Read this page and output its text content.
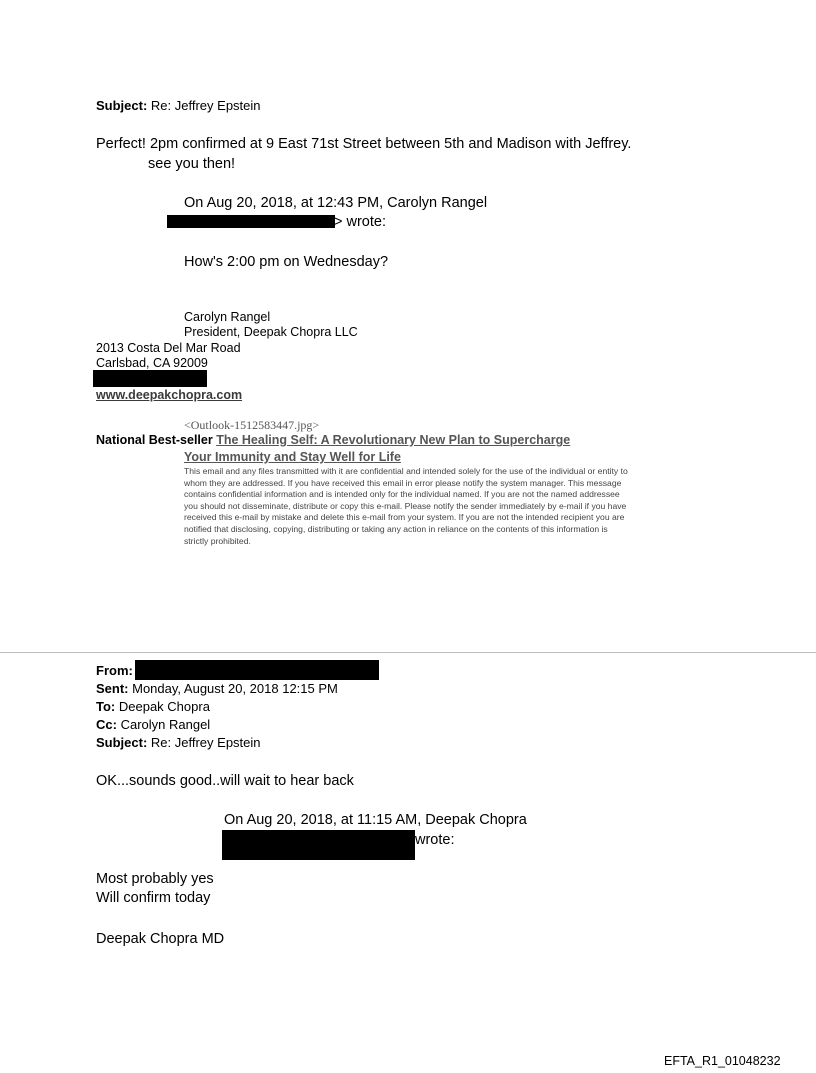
Subject: Re: Jeffrey Epstein
Perfect! 2pm confirmed at 9 East 71st Street between 5th and Madison with Jeffrey.
see you then!
On Aug 20, 2018, at 12:43 PM, Carolyn Rangel
> wrote:
How's 2:00 pm on Wednesday?
Carolyn Rangel
President, Deepak Chopra LLC
2013 Costa Del Mar Road
Carlsbad, CA 92009
www.deepakchopra.com
<Outlook-1512583447.jpg>
National Best-seller The Healing Self: A Revolutionary New Plan to Supercharge
Your Immunity and Stay Well for Life
This email and any files transmitted with it are confidential and intended solely for the use of the individual or entity to whom they are addressed. If you have received this email in error please notify the system manager. This message contains confidential information and is intended only for the individual named. If you are not the named addressee you should not disseminate, distribute or copy this e-mail. Please notify the sender immediately by e-mail if you have received this e-mail by mistake and delete this e-mail from your system. If you are not the intended recipient you are notified that disclosing, copying, distributing or taking any action in reliance on the contents of this information is strictly prohibited.
From:
Sent: Monday, August 20, 2018 12:15 PM
To: Deepak Chopra
Cc: Carolyn Rangel
Subject: Re: Jeffrey Epstein
OK...sounds good..will wait to hear back
On Aug 20, 2018, at 11:15 AM, Deepak Chopra
wrote:
Most probably yes
Will confirm today
Deepak Chopra MD
EFTA_R1_01048232
